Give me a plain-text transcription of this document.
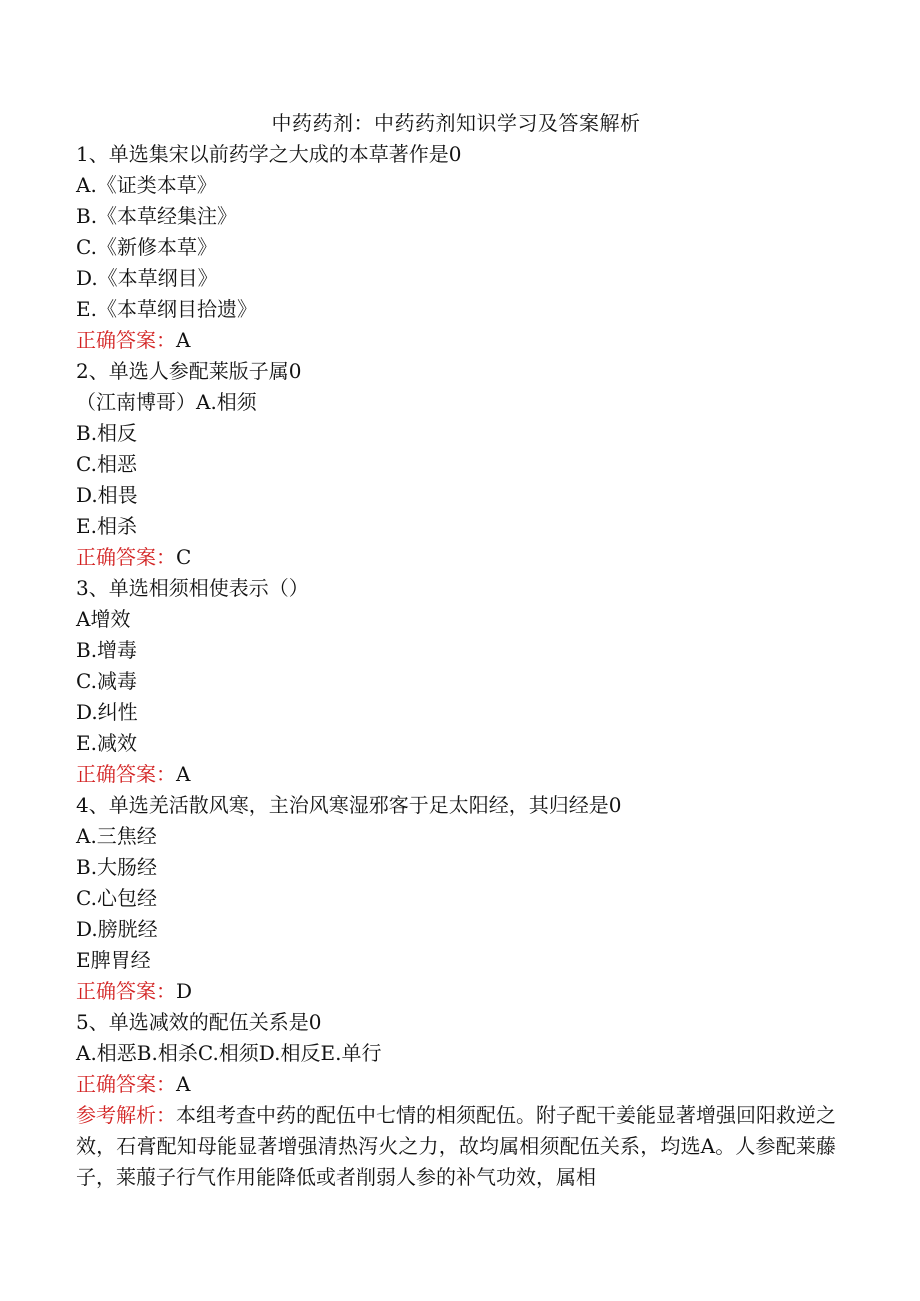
中药药剂：中药药剂知识学习及答案解析
1、单选集宋以前药学之大成的本草著作是0
A.《证类本草》
B.《本草经集注》
C.《新修本草》
D.《本草纲目》
E.《本草纲目拾遗》
正确答案：A
2、单选人参配莱版子属0
（江南博哥）A.相须
B.相反
C.相恶
D.相畏
E.相杀
正确答案：C
3、单选相须相使表示（）
A增效
B.增毒
C.减毒
D.纠性
E.减效
正确答案：A
4、单选羌活散风寒，主治风寒湿邪客于足太阳经，其归经是0
A.三焦经
B.大肠经
C.心包经
D.膀胱经
E脾胃经
正确答案：D
5、单选减效的配伍关系是0
A.相恶B.相杀C.相须D.相反E.单行
正确答案：A

参考解析：本组考查中药的配伍中七情的相须配伍。附子配干姜能显著增强回阳救逆之效，石膏配知母能显著增强清热泻火之力，故均属相须配伍关系，均选A。人参配莱藤子，莱菔子行气作用能降低或者削弱人参的补气功效，属相
